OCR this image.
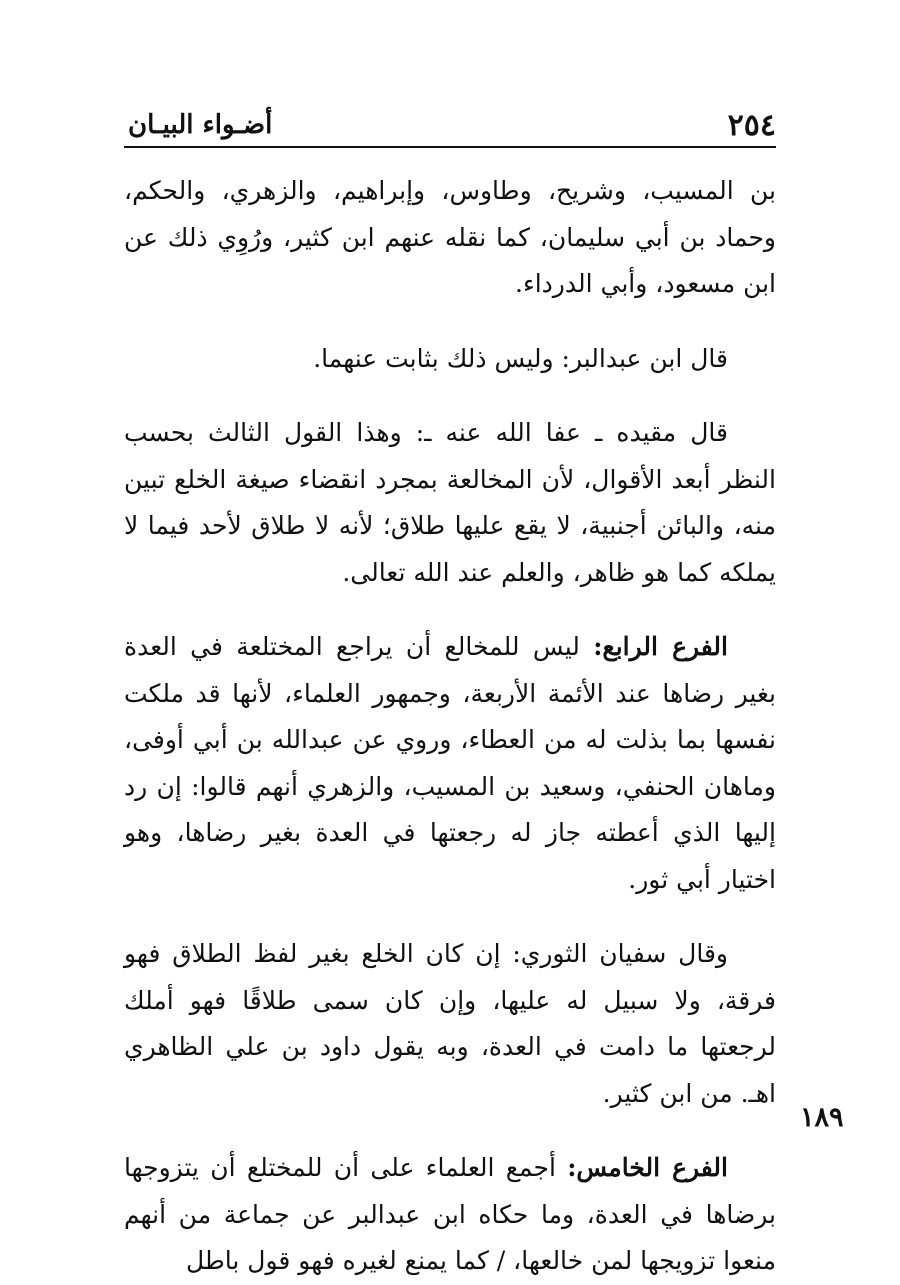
٢٥٤
أضـواء البيـان

بن المسيب، وشريح، وطاوس، وإبراهيم، والزهري، والحكم، وحماد بن أبي سليمان، كما نقله عنهم ابن كثير، ورُوِي ذلك عن ابن مسعود، وأبي الدرداء.

قال ابن عبدالبر: وليس ذلك بثابت عنهما.

قال مقيده ـ عفا الله عنه ـ: وهذا القول الثالث بحسب النظر أبعد الأقوال، لأن المخالعة بمجرد انقضاء صيغة الخلع تبين منه، والبائن أجنبية، لا يقع عليها طلاق؛ لأنه لا طلاق لأحد فيما لا يملكه كما هو ظاهر، والعلم عند الله تعالى.

الفرع الرابع: ليس للمخالع أن يراجع المختلعة في العدة بغير رضاها عند الأئمة الأربعة، وجمهور العلماء، لأنها قد ملكت نفسها بما بذلت له من العطاء، وروي عن عبدالله بن أبي أوفى، وماهان الحنفي، وسعيد بن المسيب، والزهري أنهم قالوا: إن رد إليها الذي أعطته جاز له رجعتها في العدة بغير رضاها، وهو اختيار أبي ثور.

وقال سفيان الثوري: إن كان الخلع بغير لفظ الطلاق فهو فرقة، ولا سبيل له عليها، وإن كان سمى طلاقًا فهو أملك لرجعتها ما دامت في العدة، وبه يقول داود بن علي الظاهري اهـ. من ابن كثير.

الفرع الخامس: أجمع العلماء على أن للمختلع أن يتزوجها برضاها في العدة، وما حكاه ابن عبدالبر عن جماعة من أنهم منعوا تزويجها لمن خالعها، / كما يمنع لغيره فهو قول باطل

١٨٩
